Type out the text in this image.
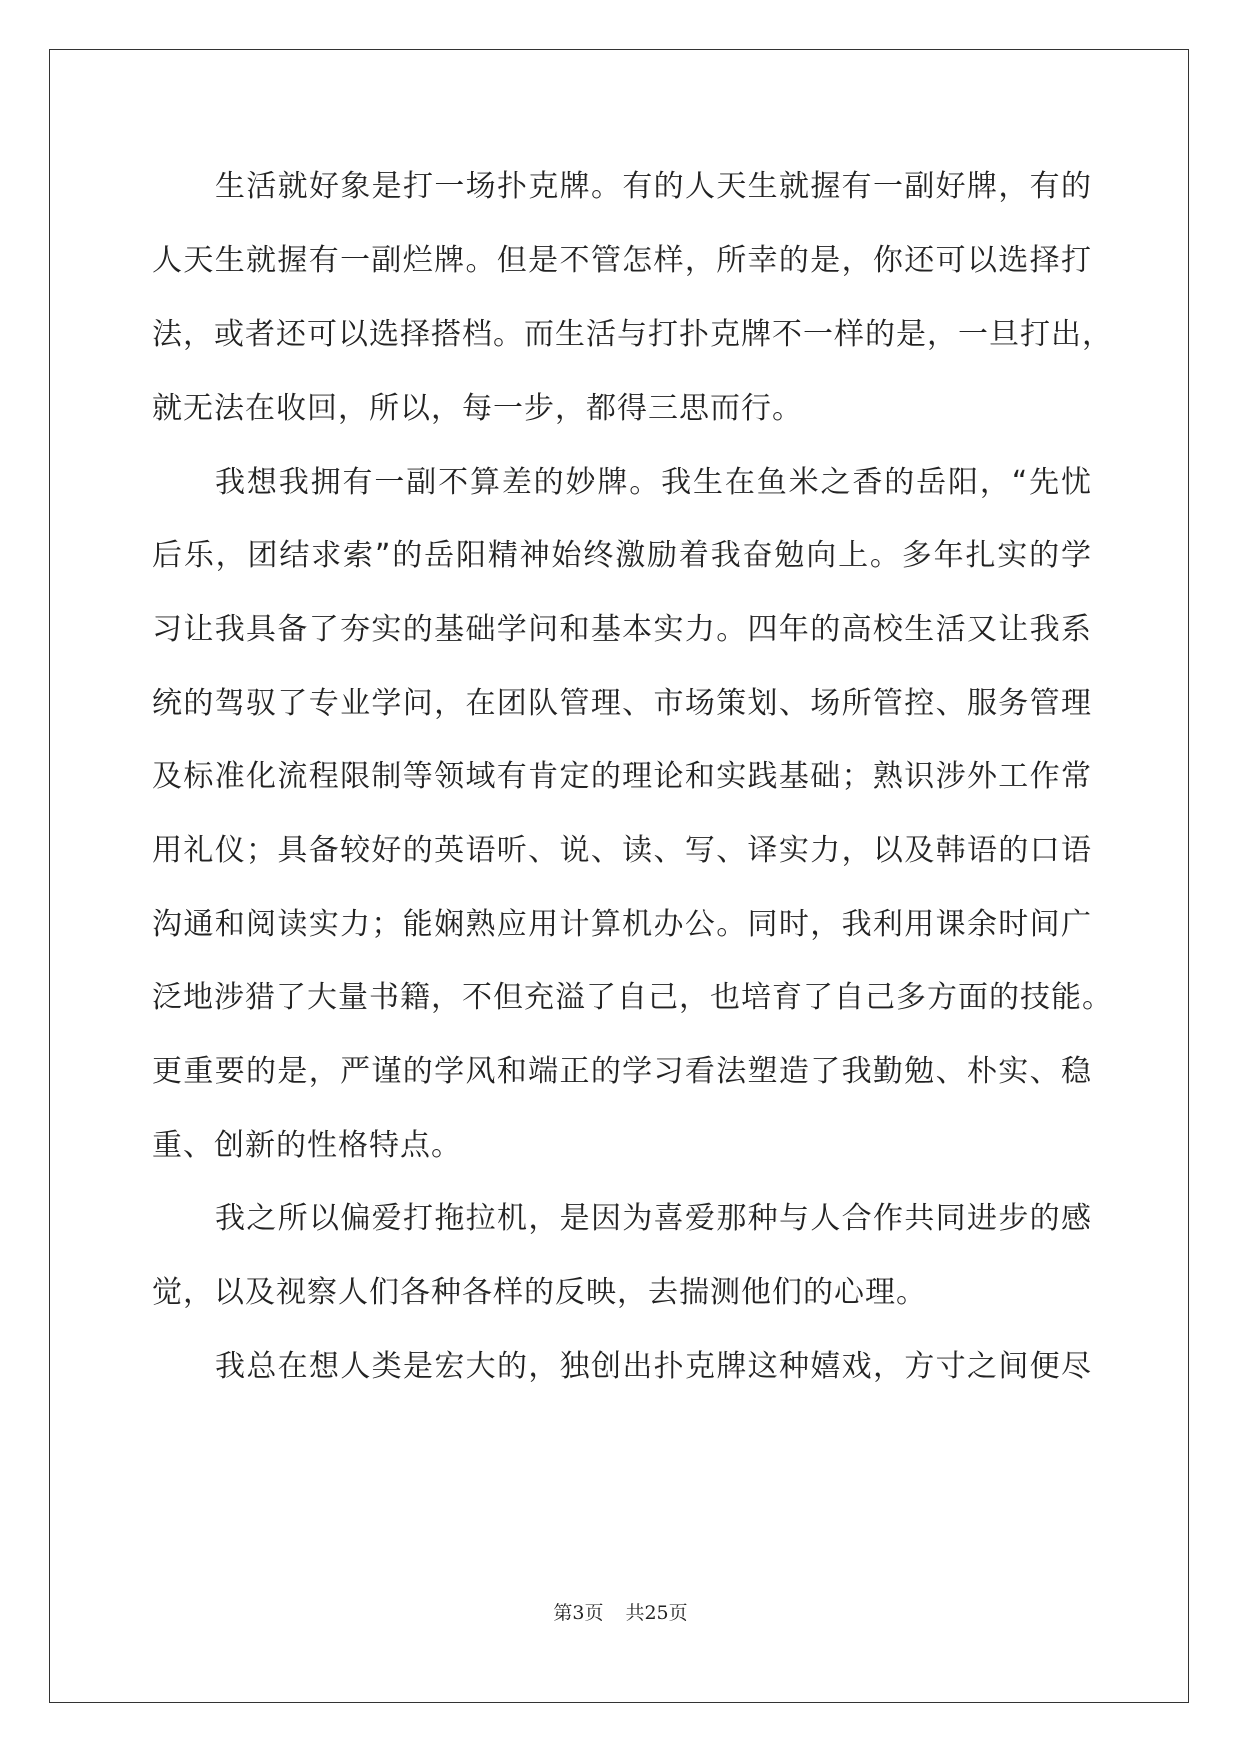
生活就好象是打一场扑克牌。有的人天生就握有一副好牌，有的
人天生就握有一副烂牌。但是不管怎样，所幸的是，你还可以选择打
法，或者还可以选择搭档。而生活与打扑克牌不一样的是，一旦打出，
就无法在收回，所以，每一步，都得三思而行。
我想我拥有一副不算差的妙牌。我生在鱼米之香的岳阳，“先忧
后乐，团结求索”的岳阳精神始终激励着我奋勉向上。多年扎实的学
习让我具备了夯实的基础学问和基本实力。四年的高校生活又让我系
统的驾驭了专业学问，在团队管理、市场策划、场所管控、服务管理
及标准化流程限制等领域有肯定的理论和实践基础；熟识涉外工作常
用礼仪；具备较好的英语听、说、读、写、译实力，以及韩语的口语
沟通和阅读实力；能娴熟应用计算机办公。同时，我利用课余时间广
泛地涉猎了大量书籍，不但充溢了自己，也培育了自己多方面的技能。
更重要的是，严谨的学风和端正的学习看法塑造了我勤勉、朴实、稳
重、创新的性格特点。
我之所以偏爱打拖拉机，是因为喜爱那种与人合作共同进步的感
觉，以及视察人们各种各样的反映，去揣测他们的心理。
我总在想人类是宏大的，独创出扑克牌这种嬉戏，方寸之间便尽
第3页 共25页
